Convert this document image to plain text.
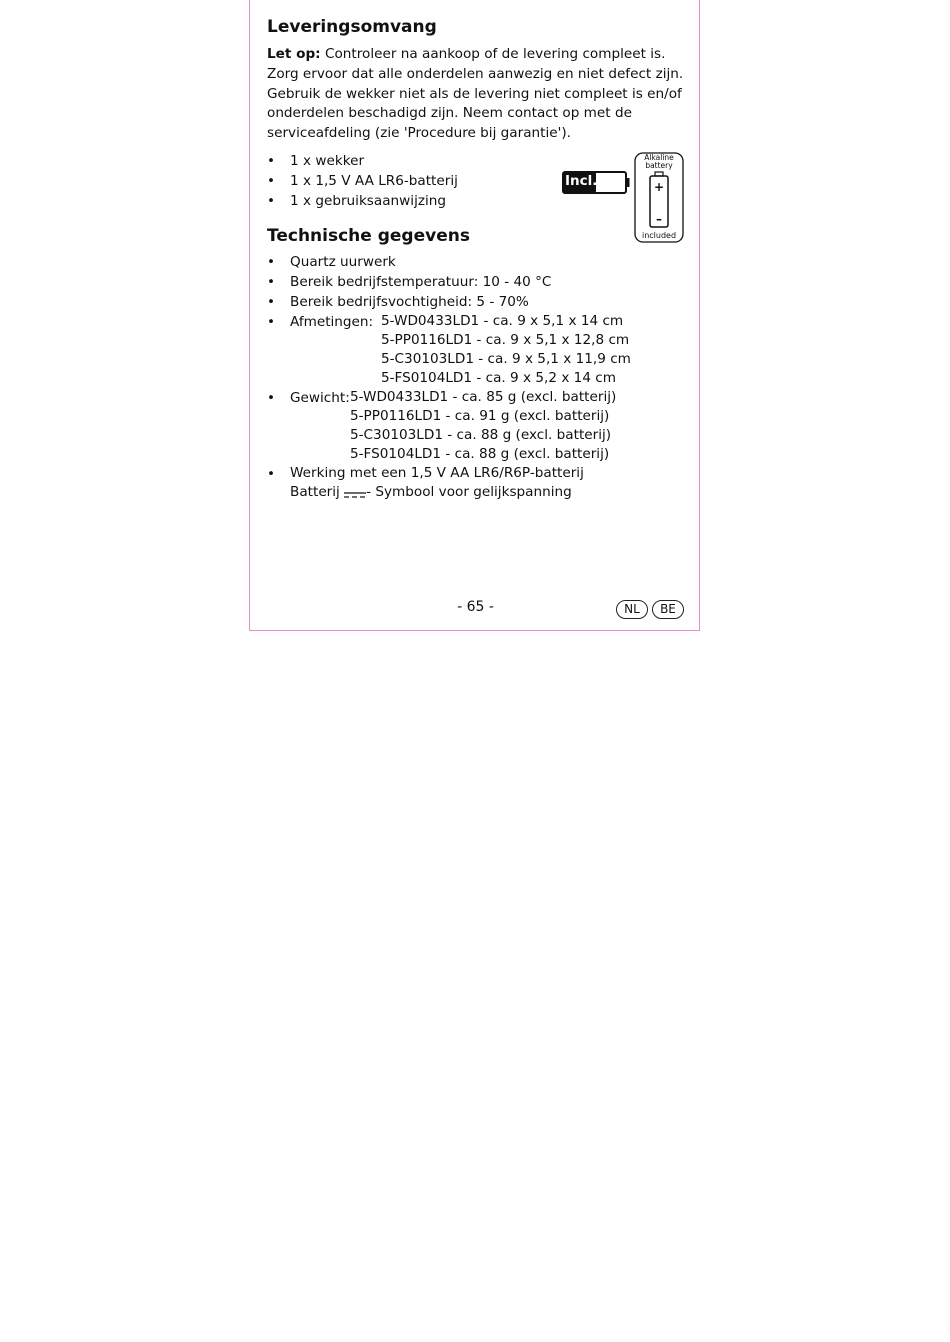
Leveringsomvang
Let op: Controleer na aankoop of de levering compleet is. Zorg ervoor dat alle onderdelen aanwezig en niet defect zijn. Gebruik de wekker niet als de levering niet compleet is en/of onderdelen beschadigd zijn. Neem contact op met de serviceafdeling (zie 'Procedure bij garantie').
• 1 x wekker
• 1 x 1,5 V AA LR6-batterij
• 1 x gebruiksaanwijzing
Incl.
Alkaline
battery
+
–
included
Technische gegevens
• Quartz uurwerk
• Bereik bedrijfstemperatuur: 10 - 40 °C
• Bereik bedrijfsvochtigheid: 5 - 70%
• Afmetingen: 5-WD0433LD1 - ca. 9 x 5,1 x 14 cm
5-PP0116LD1 - ca. 9 x 5,1 x 12,8 cm
5-C30103LD1 - ca. 9 x 5,1 x 11,9 cm
5-FS0104LD1 - ca. 9 x 5,2 x 14 cm
• Gewicht: 5-WD0433LD1 - ca. 85 g (excl. batterij)
5-PP0116LD1 - ca. 91 g (excl. batterij)
5-C30103LD1 - ca. 88 g (excl. batterij)
5-FS0104LD1 - ca. 88 g (excl. batterij)
• Werking met een 1,5 V AA LR6/R6P-batterij
Batterij - Symbool voor gelijkspanning
- 65 -	NL	BE
